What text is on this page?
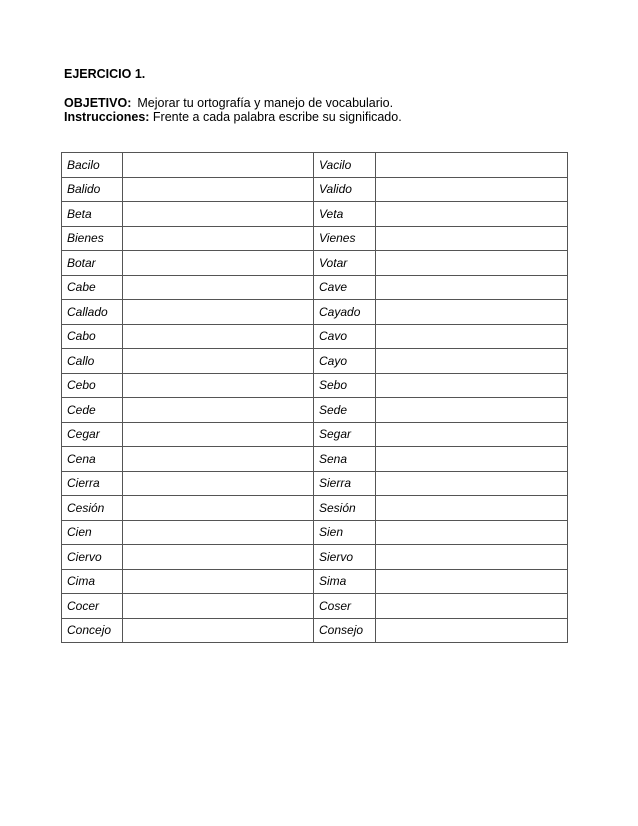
EJERCICIO 1.
OBJETIVO: Mejorar tu ortografía y manejo de vocabulario.
Instrucciones: Frente a cada palabra escribe su significado.
Bacilo		Vacilo	
Balido		Valido	
Beta		Veta	
Bienes		Vienes	
Botar		Votar	
Cabe		Cave	
Callado		Cayado	
Cabo		Cavo	
Callo		Cayo	
Cebo		Sebo	
Cede		Sede	
Cegar		Segar	
Cena		Sena	
Cierra		Sierra	
Cesión		Sesión	
Cien		Sien	
Ciervo		Siervo	
Cima		Sima	
Cocer		Coser	
Concejo		Consejo	
